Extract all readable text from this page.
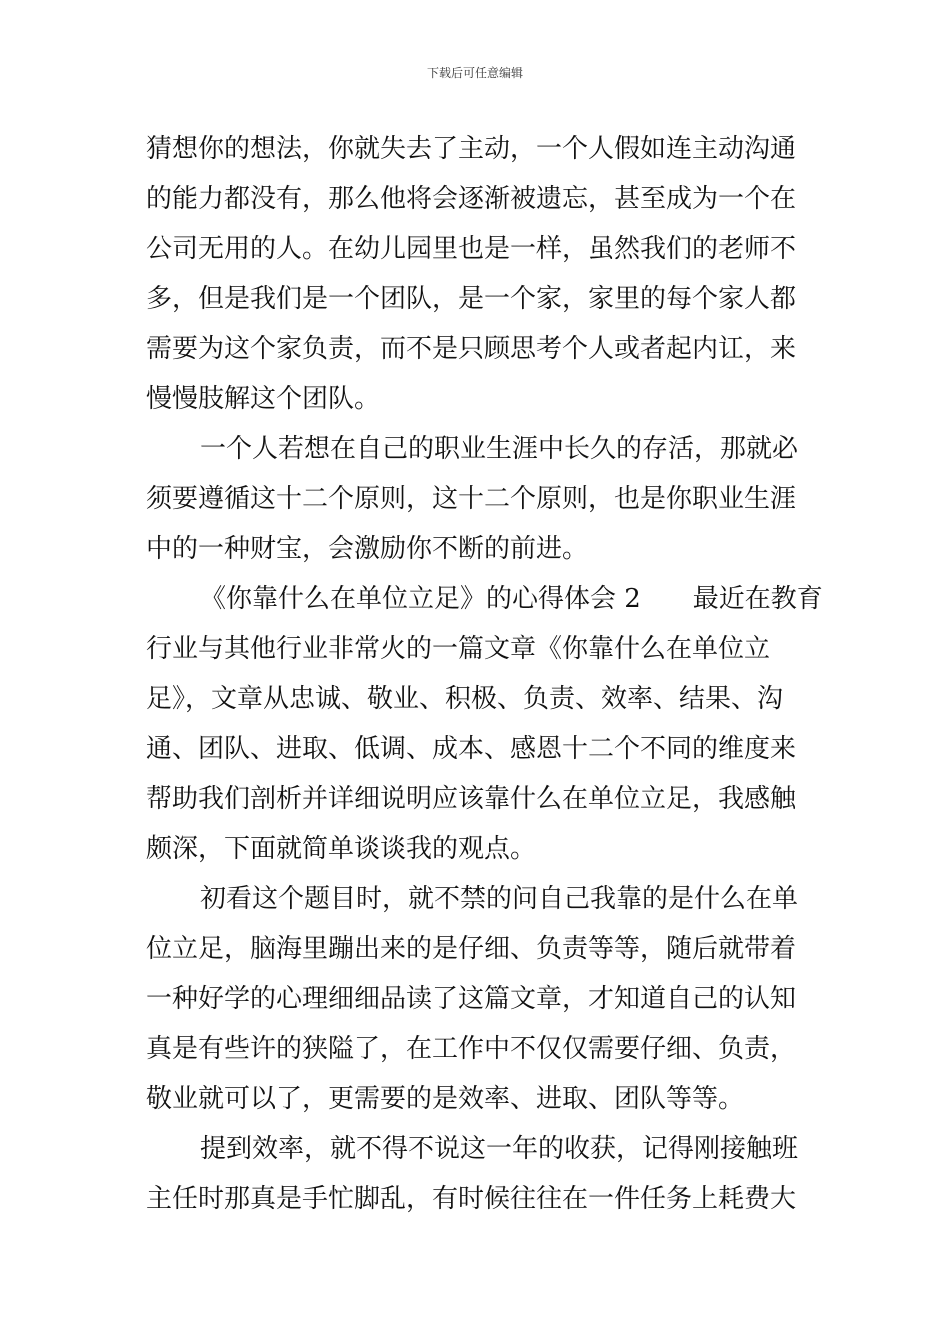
下载后可任意编辑
猜想你的想法，你就失去了主动，一个人假如连主动沟通
的能力都没有，那么他将会逐渐被遗忘，甚至成为一个在
公司无用的人。在幼儿园里也是一样，虽然我们的老师不
多，但是我们是一个团队，是一个家，家里的每个家人都
需要为这个家负责，而不是只顾思考个人或者起内讧，来
慢慢肢解这个团队。
一个人若想在自己的职业生涯中长久的存活，那就必
须要遵循这十二个原则，这十二个原则，也是你职业生涯
中的一种财宝，会激励你不断的前进。
《你靠什么在单位立足》的心得体会 2　　最近在教育
行业与其他行业非常火的一篇文章《你靠什么在单位立
足》，文章从忠诚、敬业、积极、负责、效率、结果、沟
通、团队、进取、低调、成本、感恩十二个不同的维度来
帮助我们剖析并详细说明应该靠什么在单位立足，我感触
颇深，下面就简单谈谈我的观点。
初看这个题目时，就不禁的问自己我靠的是什么在单
位立足，脑海里蹦出来的是仔细、负责等等，随后就带着
一种好学的心理细细品读了这篇文章，才知道自己的认知
真是有些许的狭隘了，在工作中不仅仅需要仔细、负责，
敬业就可以了，更需要的是效率、进取、团队等等。
提到效率，就不得不说这一年的收获，记得刚接触班
主任时那真是手忙脚乱，有时候往往在一件任务上耗费大
